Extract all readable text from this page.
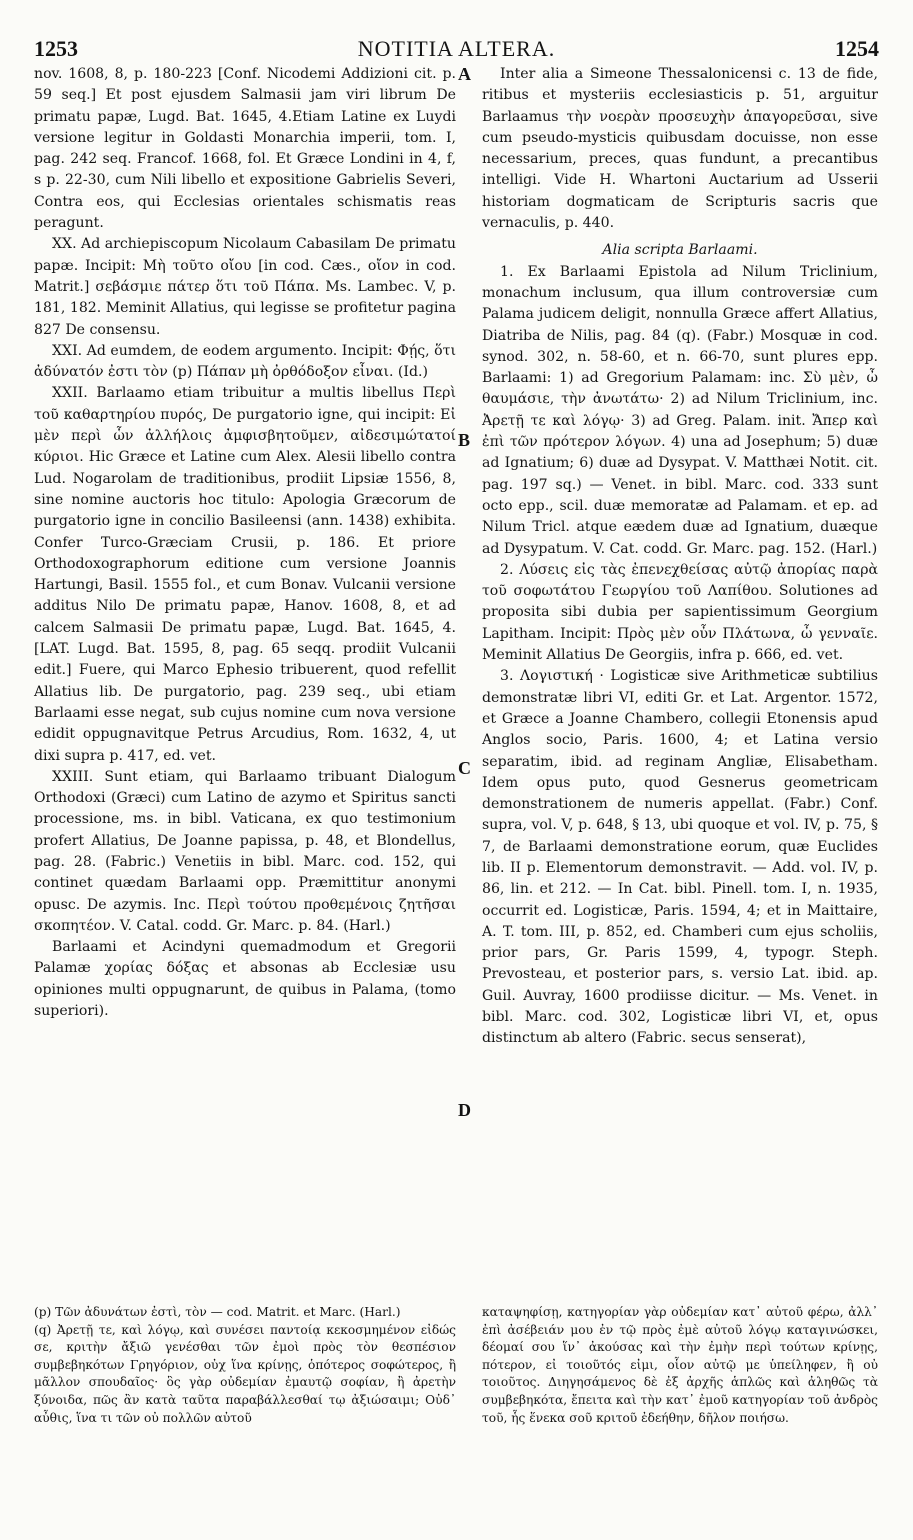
1253	NOTITIA ALTERA.	1254
A
B
C
D

nov. 1608, 8, p. 180-223 [Conf. Nicodemi Addizioni cit. p. 59 seq.] Et post ejusdem Salmasii jam viri librum De primatu papæ, Lugd. Bat. 1645, 4.Etiam Latine ex Luydi versione legitur in Goldasti Monarchia imperii, tom. I, pag. 242 seq. Francof. 1668, fol. Et Græce Londini in 4, f, s p. 22-30, cum Nili libello et expositione Gabrielis Severi, Contra eos, qui Ecclesias orientales schismatis reas peragunt.

XX. Ad archiepiscopum Nicolaum Cabasilam De primatu papæ. Incipit: Μὴ τοῦτο οἴου [in cod. Cæs., οἴον in cod. Matrit.] σεβάσμιε πάτερ ὅτι τοῦ Πάπα. Ms. Lambec. V, p. 181, 182. Meminit Allatius, qui legisse se profitetur pagina 827 De consensu.

XXI. Ad eumdem, de eodem argumento. Incipit: Φῄς, ὅτι ἀδύνατόν ἐστι τὸν (p) Πάπαν μὴ ὀρθόδοξον εἶναι. (Id.)

XXII. Barlaamo etiam tribuitur a multis libellus Περὶ τοῦ καθαρτηρίου πυρός, De purgatorio igne, qui incipit: Εἰ μὲν περὶ ὧν ἀλλήλοις ἀμφισβητοῦμεν, αἰδεσιμώτατοί κύριοι. Hic Græce et Latine cum Alex. Alesii libello contra Lud. Nogarolam de traditionibus, prodiit Lipsiæ 1556, 8, sine nomine auctoris hoc titulo: Apologia Græcorum de purgatorio igne in concilio Basileensi (ann. 1438) exhibita. Confer Turco-Græciam Crusii, p. 186. Et priore Orthodoxographorum editione cum versione Joannis Hartungi, Basil. 1555 fol., et cum Bonav. Vulcanii versione additus Nilo De primatu papæ, Hanov. 1608, 8, et ad calcem Salmasii De primatu papæ, Lugd. Bat. 1645, 4. [LAT. Lugd. Bat. 1595, 8, pag. 65 seqq. prodiit Vulcanii edit.] Fuere, qui Marco Ephesio tribuerent, quod refellit Allatius lib. De purgatorio, pag. 239 seq., ubi etiam Barlaami esse negat, sub cujus nomine cum nova versione edidit oppugnavitque Petrus Arcudius, Rom. 1632, 4, ut dixi supra p. 417, ed. vet.

XXIII. Sunt etiam, qui Barlaamo tribuant Dialogum Orthodoxi (Græci) cum Latino de azymo et Spiritus sancti processione, ms. in bibl. Vaticana, ex quo testimonium profert Allatius, De Joanne papissa, p. 48, et Blondellus, pag. 28. (Fabric.) Venetiis in bibl. Marc. cod. 152, qui continet quædam Barlaami opp. Præmittitur anonymi opusc. De azymis. Inc. Περὶ τούτου προθεμένοις ζητῆσαι σκοπητέον. V. Catal. codd. Gr. Marc. p. 84. (Harl.)

Barlaami et Acindyni quemadmodum et Gregorii Palamæ χορίας δόξας et absonas ab Ecclesiæ usu opiniones multi oppugnarunt, de quibus in Palama, (tomo superiori).

Inter alia a Simeone Thessalonicensi c. 13 de fide, ritibus et mysteriis ecclesiasticis p. 51, arguitur Barlaamus τὴν νοερὰν προσευχὴν ἀπαγορεῦσαι, sive cum pseudo-mysticis quibusdam docuisse, non esse necessarium, preces, quas fundunt, a precantibus intelligi. Vide H. Whartoni Auctarium ad Usserii historiam dogmaticam de Scripturis sacris que vernaculis, p. 440.

Alia scripta Barlaami.

1. Ex Barlaami Epistola ad Nilum Triclinium, monachum inclusum, qua illum controversiæ cum Palama judicem deligit, nonnulla Græce affert Allatius, Diatriba de Nilis, pag. 84 (q). (Fabr.) Mosquæ in cod. synod. 302, n. 58-60, et n. 66-70, sunt plures epp. Barlaami: 1) ad Gregorium Palamam: inc. Σὺ μὲν, ὦ θαυμάσιε, τὴν ἀνωτάτω· 2) ad Nilum Triclinium, inc. Ἀρετῇ τε καὶ λόγῳ· 3) ad Greg. Palam. init. Ἄπερ καὶ ἐπὶ τῶν πρότερον λόγων. 4) una ad Josephum; 5) duæ ad Ignatium; 6) duæ ad Dysypat. V. Matthæi Notit. cit. pag. 197 sq.) — Venet. in bibl. Marc. cod. 333 sunt octo epp., scil. duæ memoratæ ad Palamam. et ep. ad Nilum Tricl. atque eædem duæ ad Ignatium, duæque ad Dysypatum. V. Cat. codd. Gr. Marc. pag. 152. (Harl.)

2. Λύσεις εἰς τὰς ἐπενεχθείσας αὐτῷ ἀπορίας παρὰ τοῦ σοφωτάτου Γεωργίου τοῦ Λαπίθου. Solutiones ad proposita sibi dubia per sapientissimum Georgium Lapitham. Incipit: Πρὸς μὲν οὖν Πλάτωνα, ὦ γενναῖε. Meminit Allatius De Georgiis, infra p. 666, ed. vet.

3. Λογιστική · Logisticæ sive Arithmeticæ subtilius demonstratæ libri VI, editi Gr. et Lat. Argentor. 1572, et Græce a Joanne Chambero, collegii Etonensis apud Anglos socio, Paris. 1600, 4; et Latina versio separatim, ibid. ad reginam Angliæ, Elisabetham. Idem opus puto, quod Gesnerus geometricam demonstrationem de numeris appellat. (Fabr.) Conf. supra, vol. V, p. 648, § 13, ubi quoque et vol. IV, p. 75, § 7, de Barlaami demonstratione eorum, quæ Euclides lib. II p. Elementorum demonstravit. — Add. vol. IV, p. 86, lin. et 212. — In Cat. bibl. Pinell. tom. I, n. 1935, occurrit ed. Logisticæ, Paris. 1594, 4; et in Maittaire, A. T. tom. III, p. 852, ed. Chamberi cum ejus scholiis, prior pars, Gr. Paris 1599, 4, typogr. Steph. Prevosteau, et posterior pars, s. versio Lat. ibid. ap. Guil. Auvray, 1600 prodiisse dicitur. — Ms. Venet. in bibl. Marc. cod. 302, Logisticæ libri VI, et, opus distinctum ab altero (Fabric. secus senserat),

(p) Τῶν ἀδυνάτων ἐστὶ, τὸν — cod. Matrit. et Marc. (Harl.)

(q) Ἀρετῇ τε, καὶ λόγῳ, καὶ συνέσει παντοίᾳ κεκοσμημένον εἰδώς σε, κριτὴν ἄξιῶ γενέσθαι τῶν ἐμοὶ πρὸς τὸν θεσπέσιον συμβεβηκότων Γρηγόριον, οὐχ ἵνα κρίνῃς, ὁπότερος σοφώτερος, ἢ μᾶλλον σπουδαῖος· ὃς γὰρ οὐδεμίαν ἐμαυτῷ σοφίαν, ἢ ἀρετὴν ξύνοιδα, πῶς ἂν κατὰ ταῦτα παραβάλλεσθαί τῳ ἀξιώσαιμι; Οὐδ᾽ αὖθις, ἵνα τι τῶν οὐ πολλῶν αὐτοῦ

καταψηφίσῃ, κατηγορίαν γὰρ οὐδεμίαν κατ᾽ αὐτοῦ φέρω, ἀλλ᾽ ἐπὶ ἀσέβειάν μου ἐν τῷ πρὸς ἐμὲ αὐτοῦ λόγῳ καταγινώσκει, δέομαί σου ἵν᾽ ἀκούσας καὶ τὴν ἐμὴν περὶ τούτων κρίνῃς, πότερον, εἰ τοιοῦτός εἰμι, οἷον αὐτῷ με ὑπείληφεν, ἢ οὐ τοιοῦτος. Διηγησάμενος δὲ ἐξ ἀρχῆς ἁπλῶς καὶ ἀληθῶς τὰ συμβεβηκότα, ἔπειτα καὶ τὴν κατ᾽ ἐμοῦ κατηγορίαν τοῦ ἀνδρὸς τοῦ, ἧς ἕνεκα σοῦ κριτοῦ ἐδεήθην, δῆλον ποιήσω.
